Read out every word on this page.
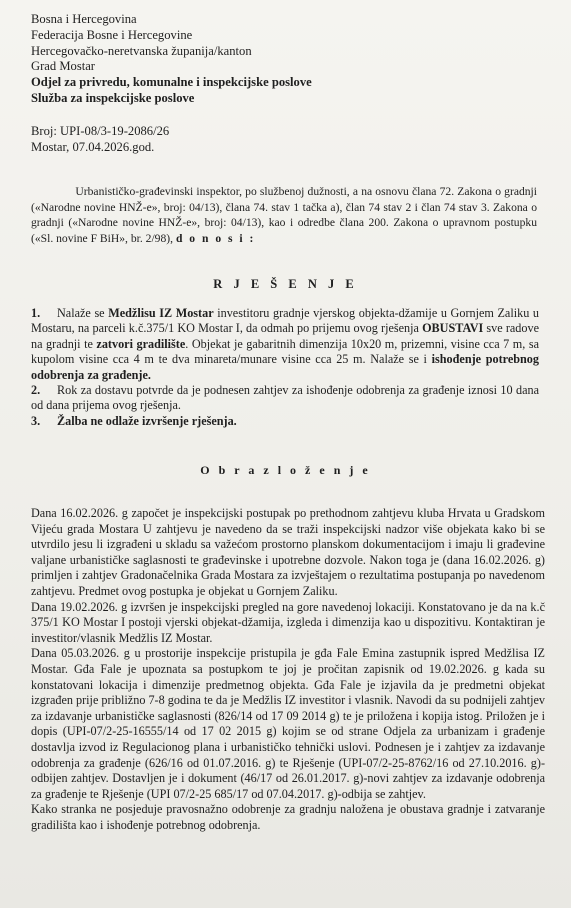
Bosna i Hercegovina
Federacija Bosne i Hercegovine
Hercegovačko-neretvanska županija/kanton
Grad Mostar
Odjel za privredu, komunalne i inspekcijske poslove
Služba za inspekcijske poslove
Broj: UPI-08/3-19-2086/26
Mostar, 07.04.2026.god.
Urbanističko-građevinski inspektor, po službenoj dužnosti, a na osnovu člana 72. Zakona o gradnji («Narodne novine HNŽ-e», broj: 04/13), člana 74. stav 1 tačka a), član 74 stav 2 i član 74 stav 3. Zakona o gradnji («Narodne novine HNŽ-e», broj: 04/13), kao i odredbe člana 200. Zakona o upravnom postupku («Sl. novine F BiH», br. 2/98), d o n o s i :
R J E Š E N J E

1. Nalaže se Medžlisu IZ Mostar investitoru gradnje vjerskog objekta-džamije u Gornjem Zaliku u Mostaru, na parceli k.č.375/1 KO Mostar I, da odmah po prijemu ovog rješenja OBUSTAVI sve radove na gradnji te zatvori gradilište. Objekat je gabaritnih dimenzija 10x20 m, prizemni, visine cca 7 m, sa kupolom visine cca 4 m te dva minareta/munare visine cca 25 m. Nalaže se i ishođenje potrebnog odobrenja za građenje.

2. Rok za dostavu potvrde da je podnesen zahtjev za ishođenje odobrenja za građenje iznosi 10 dana od dana prijema ovog rješenja.

3. Žalba ne odlaže izvršenje rješenja.

O b r a z l o ž e n j e

Dana 16.02.2026. g započet je inspekcijski postupak po prethodnom zahtjevu kluba Hrvata u Gradskom Vijeću grada Mostara U zahtjevu je navedeno da se traži inspekcijski nadzor više objekata kako bi se utvrdilo jesu li izgrađeni u skladu sa važećom prostorno planskom dokumentacijom i imaju li građevine valjane urbanističke saglasnosti te građevinske i upotrebne dozvole. Nakon toga je (dana 16.02.2026. g) primljen i zahtjev Gradonačelnika Grada Mostara za izvještajem o rezultatima postupanja po navedenom zahtjevu. Predmet ovog postupka je objekat u Gornjem Zaliku.

Dana 19.02.2026. g izvršen je inspekcijski pregled na gore navedenoj lokaciji. Konstatovano je da na k.č 375/1 KO Mostar I postoji vjerski objekat-džamija, izgleda i dimenzija kao u dispozitivu. Kontaktiran je investitor/vlasnik Medžlis IZ Mostar.

Dana 05.03.2026. g u prostorije inspekcije pristupila je gđa Fale Emina zastupnik ispred Medžlisa IZ Mostar. Gđa Fale je upoznata sa postupkom te joj je pročitan zapisnik od 19.02.2026. g kada su konstatovani lokacija i dimenzije predmetnog objekta. Gđa Fale je izjavila da je predmetni objekat izgrađen prije približno 7-8 godina te da je Medžlis IZ investitor i vlasnik. Navodi da su podnijeli zahtjev za izdavanje urbanističke saglasnosti (826/14 od 17 09 2014 g) te je priložena i kopija istog. Priložen je i dopis (UPI-07/2-25-16555/14 od 17 02 2015 g) kojim se od strane Odjela za urbanizam i građenje dostavlja izvod iz Regulacionog plana i urbanističko tehnički uslovi. Podnesen je i zahtjev za izdavanje odobrenja za građenje (626/16 od 01.07.2016. g) te Rješenje (UPI-07/2-25-8762/16 od 27.10.2016. g)-odbijen zahtjev. Dostavljen je i dokument (46/17 od 26.01.2017. g)-novi zahtjev za izdavanje odobrenja za građenje te Rješenje (UPI 07/2-25 685/17 od 07.04.2017. g)-odbija se zahtjev.

Kako stranka ne posjeduje pravosnažno odobrenje za gradnju naložena je obustava gradnje i zatvaranje gradilišta kao i ishođenje potrebnog odobrenja.
